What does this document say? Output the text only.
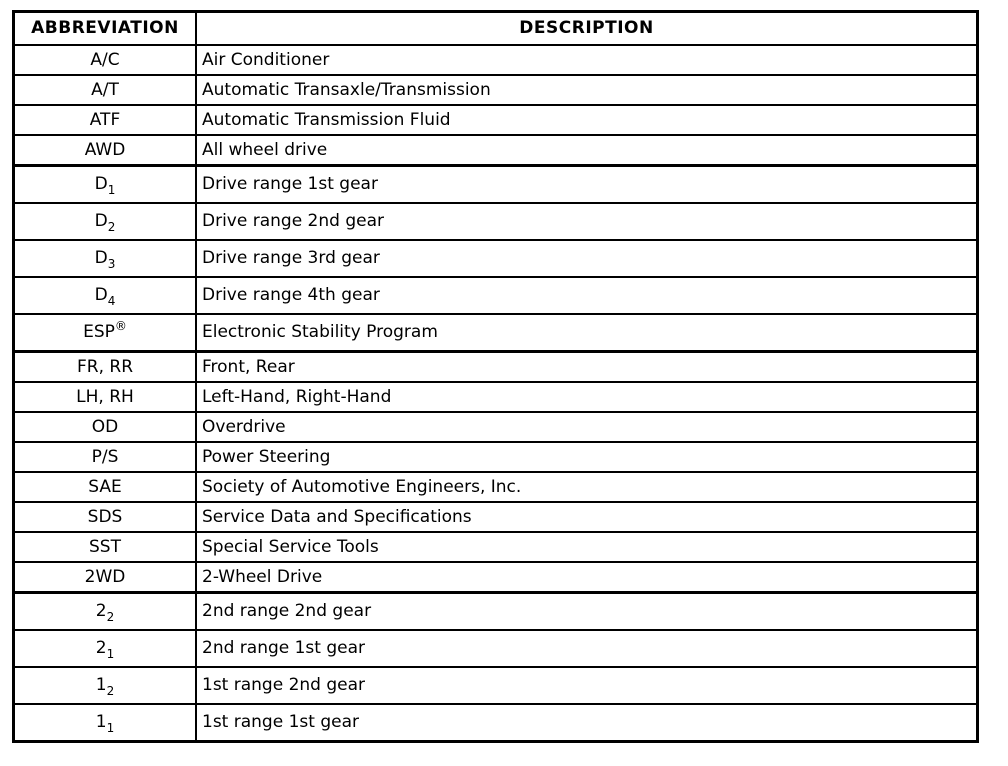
ABBREVIATION	DESCRIPTION
A/C	Air Conditioner
A/T	Automatic Transaxle/Transmission
ATF	Automatic Transmission Fluid
AWD	All wheel drive
$D_1$	Drive range 1st gear
$D_2$	Drive range 2nd gear
$D_3$	Drive range 3rd gear
$D_4$	Drive range 4th gear
ESP®	Electronic Stability Program
FR, RR	Front, Rear
LH, RH	Left-Hand, Right-Hand
OD	Overdrive
P/S	Power Steering
SAE	Society of Automotive Engineers, Inc.
SDS	Service Data and Specifications
SST	Special Service Tools
2WD	2-Wheel Drive
$2_2$	2nd range 2nd gear
$2_1$	2nd range 1st gear
$1_2$	1st range 2nd gear
$1_1$	1st range 1st gear
